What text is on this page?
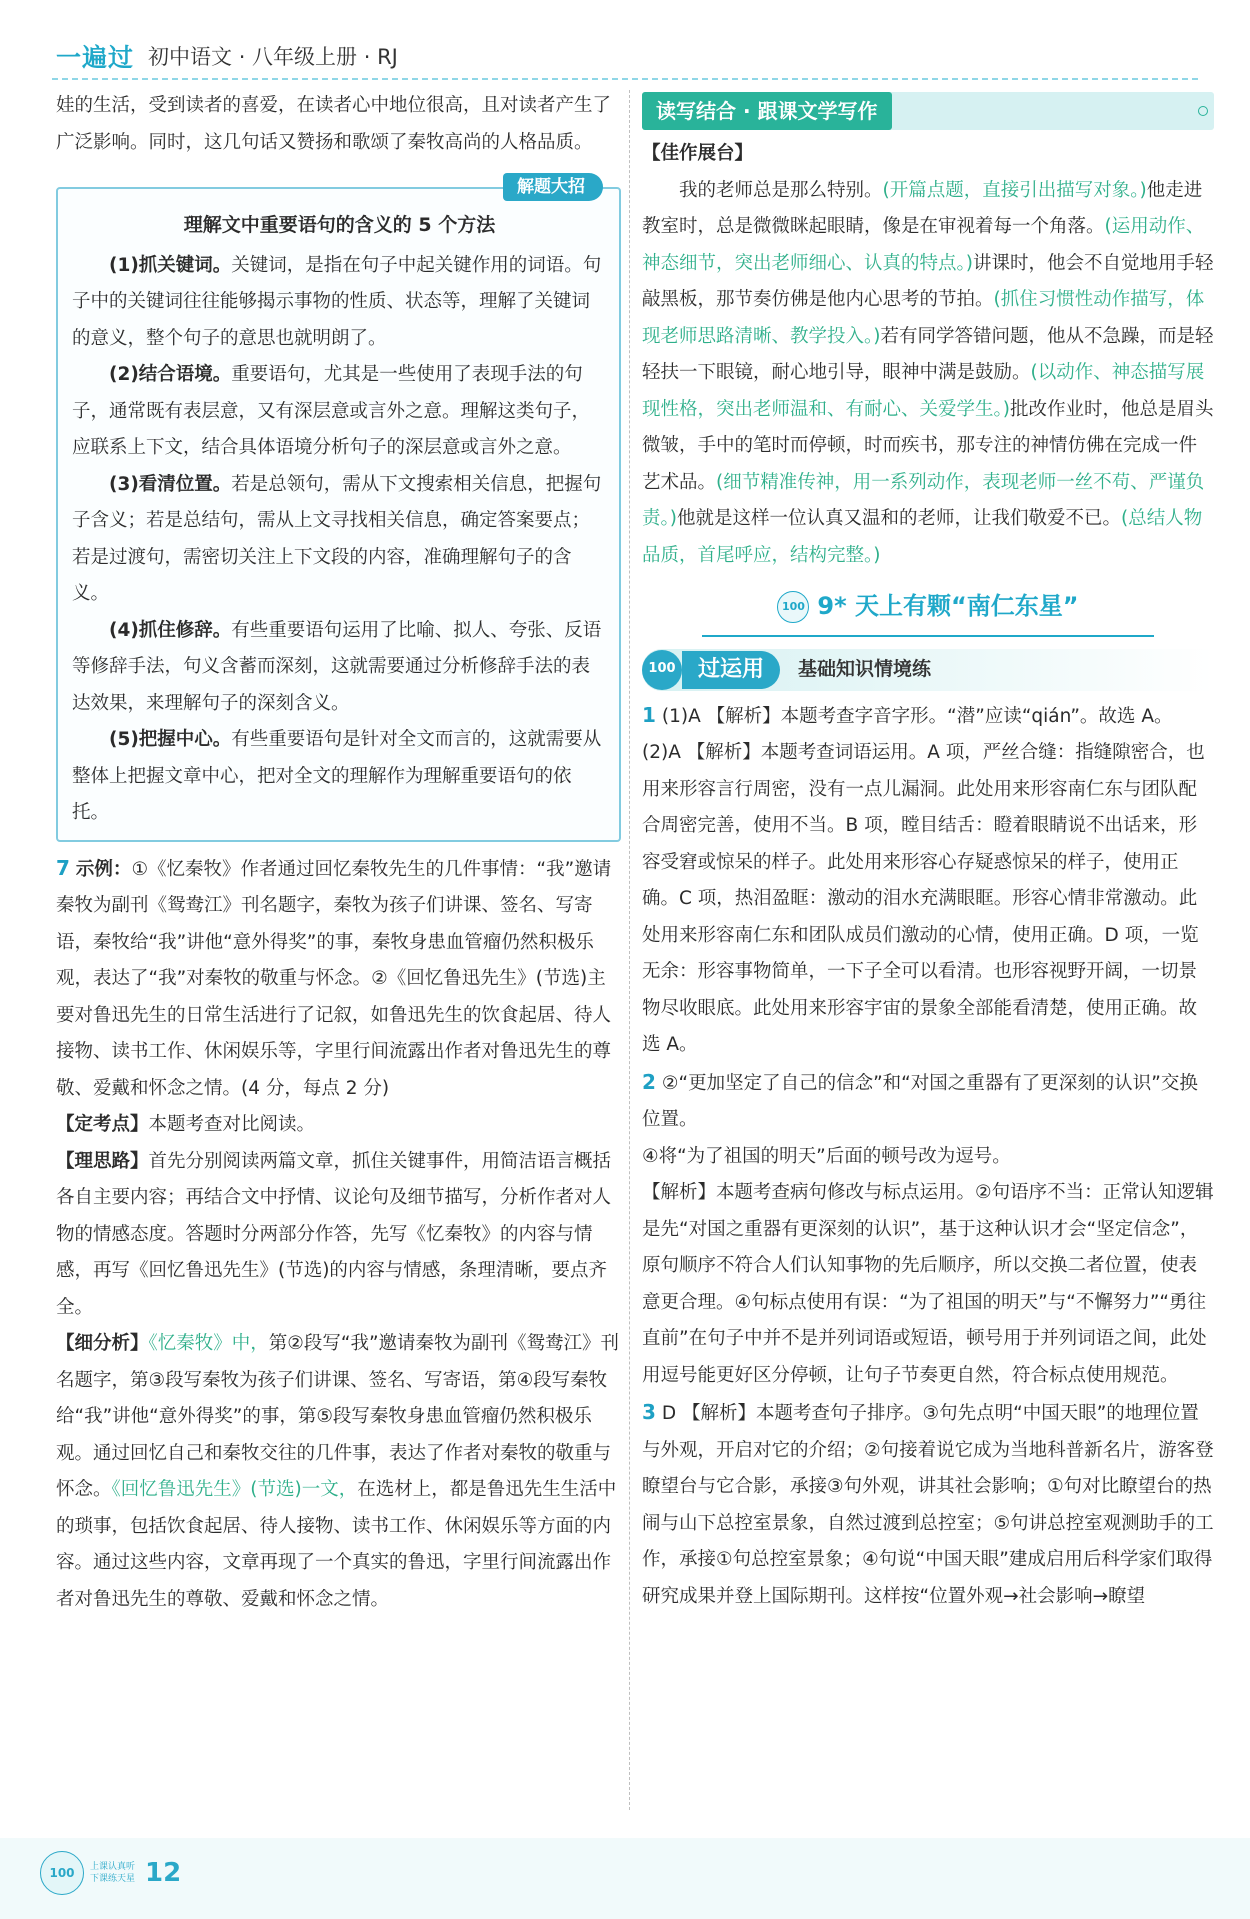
一遍过 初中语文 · 八年级上册 · RJ

娃的生活，受到读者的喜爱，在读者心中地位很高，且对读者产生了广泛影响。同时，这几句话又赞扬和歌颂了秦牧高尚的人格品质。

解题大招
理解文中重要语句的含义的 5 个方法

(1)抓关键词。关键词，是指在句子中起关键作用的词语。句子中的关键词往往能够揭示事物的性质、状态等，理解了关键词的意义，整个句子的意思也就明朗了。

(2)结合语境。重要语句，尤其是一些使用了表现手法的句子，通常既有表层意，又有深层意或言外之意。理解这类句子，应联系上下文，结合具体语境分析句子的深层意或言外之意。

(3)看清位置。若是总领句，需从下文搜索相关信息，把握句子含义；若是总结句，需从上文寻找相关信息，确定答案要点；若是过渡句，需密切关注上下文段的内容，准确理解句子的含义。

(4)抓住修辞。有些重要语句运用了比喻、拟人、夸张、反语等修辞手法，句义含蓄而深刻，这就需要通过分析修辞手法的表达效果，来理解句子的深刻含义。

(5)把握中心。有些重要语句是针对全文而言的，这就需要从整体上把握文章中心，把对全文的理解作为理解重要语句的依托。

7 示例：①《忆秦牧》作者通过回忆秦牧先生的几件事情：“我”邀请秦牧为副刊《鸳鸯江》刊名题字，秦牧为孩子们讲课、签名、写寄语，秦牧给“我”讲他“意外得奖”的事，秦牧身患血管瘤仍然积极乐观，表达了“我”对秦牧的敬重与怀念。②《回忆鲁迅先生》(节选)主要对鲁迅先生的日常生活进行了记叙，如鲁迅先生的饮食起居、待人接物、读书工作、休闲娱乐等，字里行间流露出作者对鲁迅先生的尊敬、爱戴和怀念之情。(4 分，每点 2 分)

【定考点】本题考查对比阅读。

【理思路】首先分别阅读两篇文章，抓住关键事件，用简洁语言概括各自主要内容；再结合文中抒情、议论句及细节描写，分析作者对人物的情感态度。答题时分两部分作答，先写《忆秦牧》的内容与情感，再写《回忆鲁迅先生》(节选)的内容与情感，条理清晰，要点齐全。

【细分析】《忆秦牧》中，第②段写“我”邀请秦牧为副刊《鸳鸯江》刊名题字，第③段写秦牧为孩子们讲课、签名、写寄语，第④段写秦牧给“我”讲他“意外得奖”的事，第⑤段写秦牧身患血管瘤仍然积极乐观。通过回忆自己和秦牧交往的几件事，表达了作者对秦牧的敬重与怀念。《回忆鲁迅先生》(节选)一文，在选材上，都是鲁迅先生生活中的琐事，包括饮食起居、待人接物、读书工作、休闲娱乐等方面的内容。通过这些内容，文章再现了一个真实的鲁迅，字里行间流露出作者对鲁迅先生的尊敬、爱戴和怀念之情。

读写结合 · 跟课文学写作

【佳作展台】

我的老师总是那么特别。(开篇点题，直接引出描写对象。)他走进教室时，总是微微眯起眼睛，像是在审视着每一个角落。(运用动作、神态细节，突出老师细心、认真的特点。)讲课时，他会不自觉地用手轻敲黑板，那节奏仿佛是他内心思考的节拍。(抓住习惯性动作描写，体现老师思路清晰、教学投入。)若有同学答错问题，他从不急躁，而是轻轻扶一下眼镜，耐心地引导，眼神中满是鼓励。(以动作、神态描写展现性格，突出老师温和、有耐心、关爱学生。)批改作业时，他总是眉头微皱，手中的笔时而停顿，时而疾书，那专注的神情仿佛在完成一件艺术品。(细节精准传神，用一系列动作，表现老师一丝不苟、严谨负责。)他就是这样一位认真又温和的老师，让我们敬爱不已。(总结人物品质，首尾呼应，结构完整。)

100 9* 天上有颗“南仁东星”
100	过运用	基础知识情境练

1 (1)A 【解析】本题考查字音字形。“潜”应读“qián”。故选 A。

(2)A 【解析】本题考查词语运用。A 项，严丝合缝：指缝隙密合，也用来形容言行周密，没有一点儿漏洞。此处用来形容南仁东与团队配合周密完善，使用不当。B 项，瞠目结舌：瞪着眼睛说不出话来，形容受窘或惊呆的样子。此处用来形容心存疑惑惊呆的样子，使用正确。C 项，热泪盈眶：激动的泪水充满眼眶。形容心情非常激动。此处用来形容南仁东和团队成员们激动的心情，使用正确。D 项，一览无余：形容事物简单，一下子全可以看清。也形容视野开阔，一切景物尽收眼底。此处用来形容宇宙的景象全部能看清楚，使用正确。故选 A。

2 ②“更加坚定了自己的信念”和“对国之重器有了更深刻的认识”交换位置。

④将“为了祖国的明天”后面的顿号改为逗号。

【解析】本题考查病句修改与标点运用。②句语序不当：正常认知逻辑是先“对国之重器有更深刻的认识”，基于这种认识才会“坚定信念”，原句顺序不符合人们认知事物的先后顺序，所以交换二者位置，使表意更合理。④句标点使用有误：“为了祖国的明天”与“不懈努力”“勇往直前”在句子中并不是并列词语或短语，顿号用于并列词语之间，此处用逗号能更好区分停顿，让句子节奏更自然，符合标点使用规范。

3 D 【解析】本题考查句子排序。③句先点明“中国天眼”的地理位置与外观，开启对它的介绍；②句接着说它成为当地科普新名片，游客登瞭望台与它合影，承接③句外观，讲其社会影响；①句对比瞭望台的热闹与山下总控室景象，自然过渡到总控室；⑤句讲总控室观测助手的工作，承接①句总控室景象；④句说“中国天眼”建成启用后科学家们取得研究成果并登上国际期刊。这样按“位置外观→社会影响→瞭望

100	上课认真听
下课练天星 12
